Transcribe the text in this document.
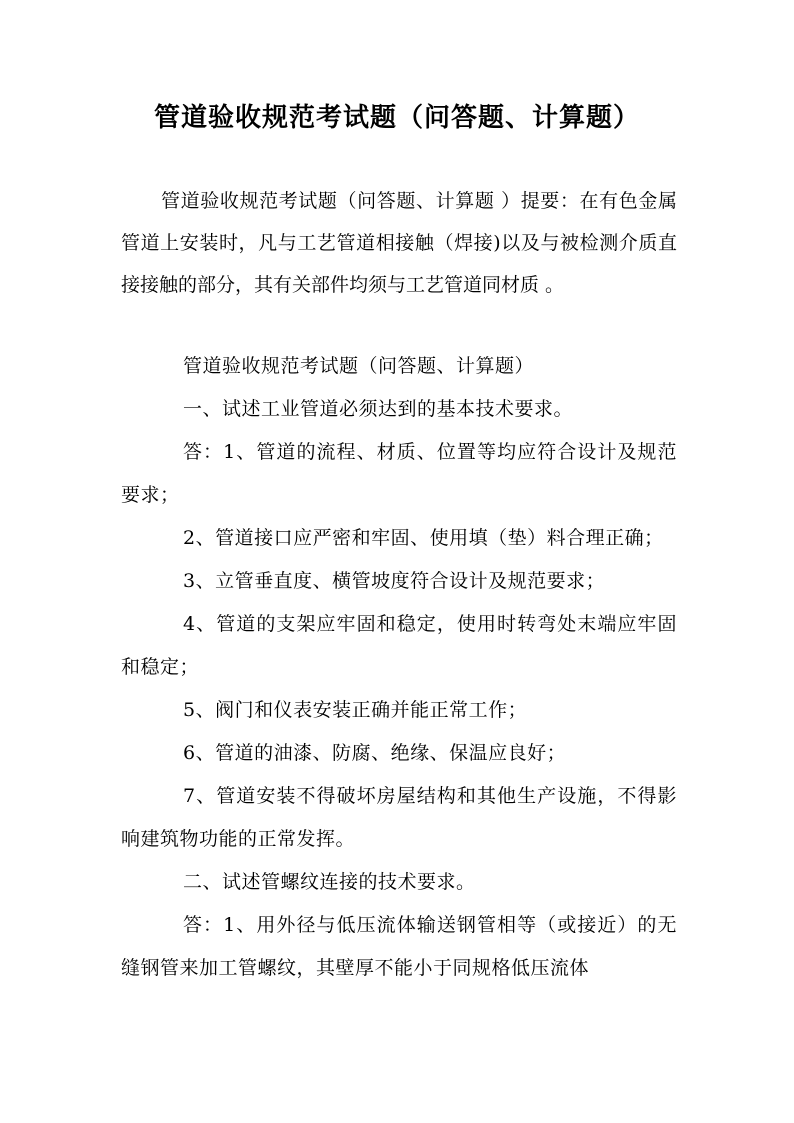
管道验收规范考试题（问答题、计算题）

管道验收规范考试题（问答题、计算题 ）提要：在有色金属管道上安装时，凡与工艺管道相接触（焊接)以及与被检测介质直接接触的部分，其有关部件均须与工艺管道同材质 。

管道验收规范考试题（问答题、计算题）

一、试述工业管道必须达到的基本技术要求。

答：1、管道的流程、材质、位置等均应符合设计及规范要求；

2、管道接口应严密和牢固、使用填（垫）料合理正确；

3、立管垂直度、横管坡度符合设计及规范要求；

4、管道的支架应牢固和稳定，使用时转弯处末端应牢固和稳定；

5、阀门和仪表安装正确并能正常工作；

6、管道的油漆、防腐、绝缘、保温应良好；

7、管道安装不得破坏房屋结构和其他生产设施，不得影响建筑物功能的正常发挥。

二、试述管螺纹连接的技术要求。

答：1、用外径与低压流体输送钢管相等（或接近）的无缝钢管来加工管螺纹，其壁厚不能小于同规格低压流体
